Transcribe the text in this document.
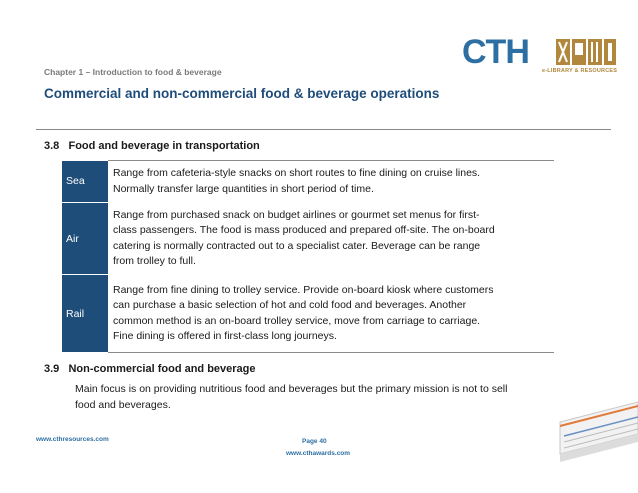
Chapter 1 – Introduction to food & beverage
Commercial and non-commercial food & beverage operations
CTH e-LIBRARY & RESOURCES
3.8 Food and beverage in transportation
Sea	Range from cafeteria-style snacks on short routes to fine dining on cruise lines.
Normally transfer large quantities in short period of time.

Air	Range from purchased snack on budget airlines or gourmet set menus for first-
class passengers. The food is mass produced and prepared off-site. The on-board
catering is normally contracted out to a specialist cater. Beverage can be range
from trolley to full.

Rail	Range from fine dining to trolley service. Provide on-board kiosk where customers
can purchase a basic selection of hot and cold food and beverages. Another
common method is an on-board trolley service, move from carriage to carriage.
Fine dining is offered in first-class long journeys.
3.9 Non-commercial food and beverage
Main focus is on providing nutritious food and beverages but the primary mission is not to sell
food and beverages.
www.cthresources.com	Page 40
www.cthawards.com
